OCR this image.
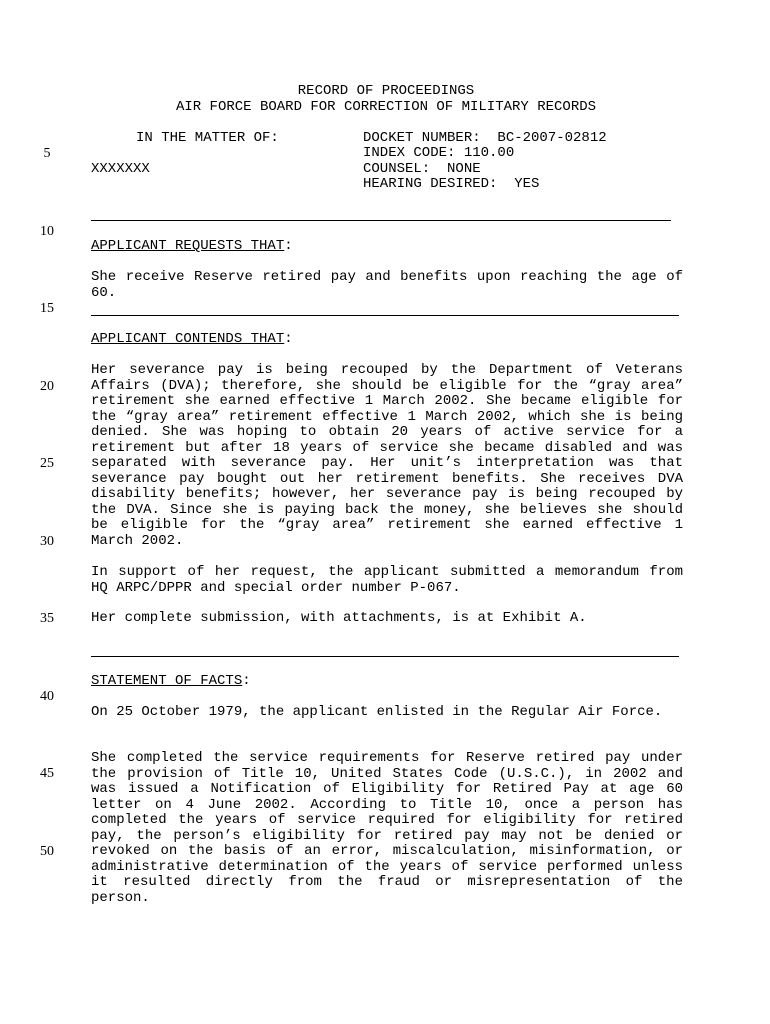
RECORD OF PROCEEDINGS
AIR FORCE BOARD FOR CORRECTION OF MILITARY RECORDS
IN THE MATTER OF:
XXXXXXX
DOCKET NUMBER:  BC-2007-02812
INDEX CODE: 110.00
COUNSEL:  NONE
HEARING DESIRED:  YES
5
10
15
20
25
30
35
40
45
50
APPLICANT REQUESTS THAT:

She receive Reserve retired pay and benefits upon reaching the age of 60.

APPLICANT CONTENDS THAT:

Her severance pay is being recouped by the Department of Veterans Affairs (DVA); therefore, she should be eligible for the “gray area” retirement she earned effective 1 March 2002. She became eligible for the “gray area” retirement effective 1 March 2002, which she is being denied. She was hoping to obtain 20 years of active service for a retirement but after 18 years of service she became disabled and was separated with severance pay. Her unit’s interpretation was that severance pay bought out her retirement benefits. She receives DVA disability benefits; however, her severance pay is being recouped by the DVA. Since she is paying back the money, she believes she should be eligible for the “gray area” retirement she earned effective 1 March 2002.

In support of her request, the applicant submitted a memorandum from HQ ARPC/DPPR and special order number P-067.

Her complete submission, with attachments, is at Exhibit A.

STATEMENT OF FACTS:

On 25 October 1979, the applicant enlisted in the Regular Air Force.

She completed the service requirements for Reserve retired pay under the provision of Title 10, United States Code (U.S.C.), in 2002 and was issued a Notification of Eligibility for Retired Pay at age 60 letter on 4 June 2002. According to Title 10, once a person has completed the years of service required for eligibility for retired pay, the person’s eligibility for retired pay may not be denied or revoked on the basis of an error, miscalculation, misinformation, or administrative determination of the years of service performed unless it resulted directly from the fraud or misrepresentation of the person.
